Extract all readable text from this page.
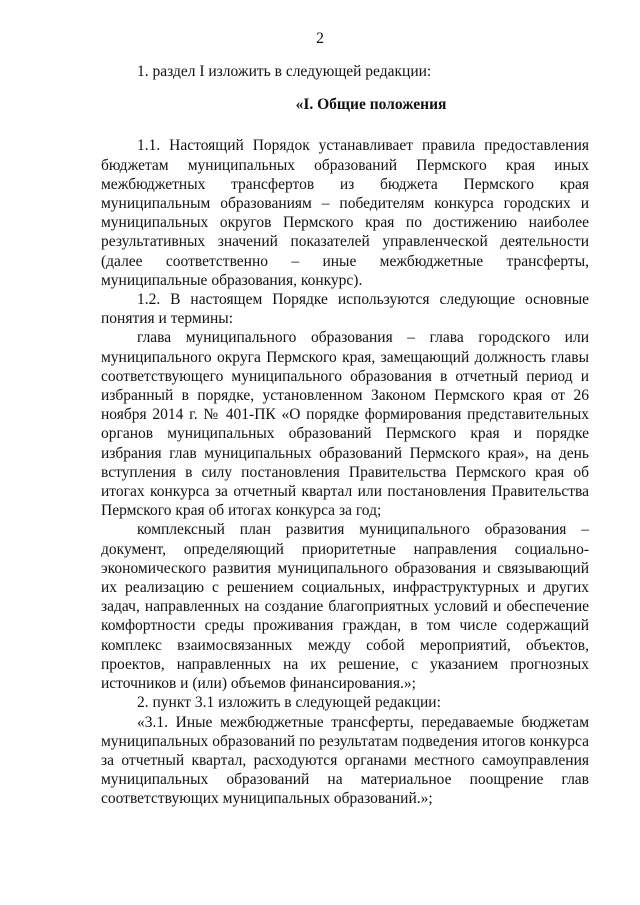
2

1. раздел I изложить в следующей редакции:

«I. Общие положения

1.1. Настоящий Порядок устанавливает правила предоставления бюджетам муниципальных образований Пермского края иных межбюджетных трансфертов из бюджета Пермского края муниципальным образованиям – победителям конкурса городских и муниципальных округов Пермского края по достижению наиболее результативных значений показателей управленческой деятельности (далее соответственно – иные межбюджетные трансферты, муниципальные образования, конкурс).

1.2. В настоящем Порядке используются следующие основные понятия и термины:

глава муниципального образования – глава городского или муниципального округа Пермского края, замещающий должность главы соответствующего муниципального образования в отчетный период и избранный в порядке, установленном Законом Пермского края от 26 ноября 2014 г. № 401-ПК «О порядке формирования представительных органов муниципальных образований Пермского края и порядке избрания глав муниципальных образований Пермского края», на день вступления в силу постановления Правительства Пермского края об итогах конкурса за отчетный квартал или постановления Правительства Пермского края об итогах конкурса за год;

комплексный план развития муниципального образования – документ, определяющий приоритетные направления социально-экономического развития муниципального образования и связывающий их реализацию с решением социальных, инфраструктурных и других задач, направленных на создание благоприятных условий и обеспечение комфортности среды проживания граждан, в том числе содержащий комплекс взаимосвязанных между собой мероприятий, объектов, проектов, направленных на их решение, с указанием прогнозных источников и (или) объемов финансирования.»;

2. пункт 3.1 изложить в следующей редакции:

«3.1. Иные межбюджетные трансферты, передаваемые бюджетам муниципальных образований по результатам подведения итогов конкурса за отчетный квартал, расходуются органами местного самоуправления муниципальных образований на материальное поощрение глав соответствующих муниципальных образований.»;
